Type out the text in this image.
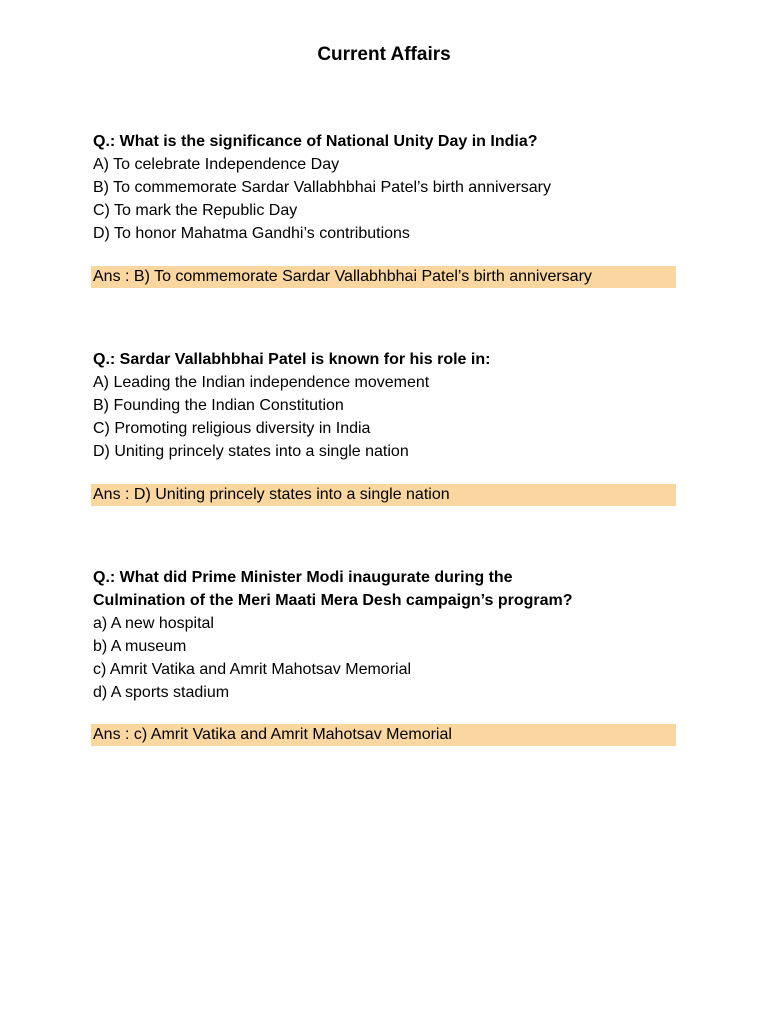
Current Affairs

Q.: What is the significance of National Unity Day in India?

A) To celebrate Independence Day

B) To commemorate Sardar Vallabhbhai Patel’s birth anniversary

C) To mark the Republic Day

D) To honor Mahatma Gandhi’s contributions

Ans : B) To commemorate Sardar Vallabhbhai Patel’s birth anniversary

Q.: Sardar Vallabhbhai Patel is known for his role in:

A) Leading the Indian independence movement

B) Founding the Indian Constitution

C) Promoting religious diversity in India

D) Uniting princely states into a single nation

Ans : D) Uniting princely states into a single nation

Q.: What did Prime Minister Modi inaugurate during the

Culmination of the Meri Maati Mera Desh campaign’s program?

a) A new hospital

b) A museum

c) Amrit Vatika and Amrit Mahotsav Memorial

d) A sports stadium

Ans : c) Amrit Vatika and Amrit Mahotsav Memorial
